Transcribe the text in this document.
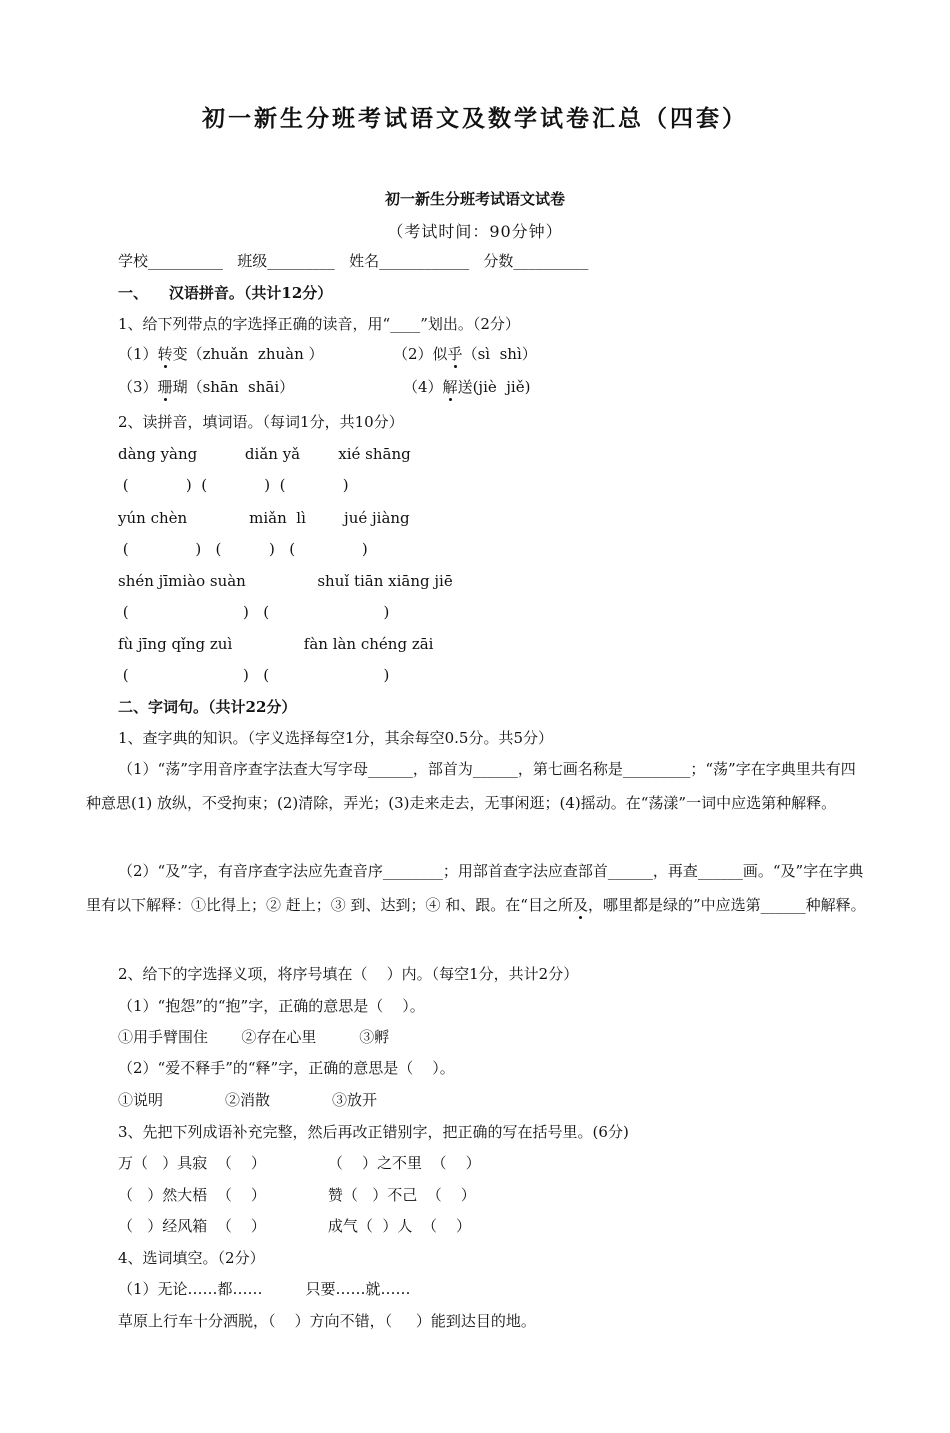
初一新生分班考试语文及数学试卷汇总（四套）
初一新生分班考试语文试卷
（考试时间：90分钟）
学校__________   班级_________   姓名____________   分数__________
一、    汉语拼音。（共计12分）
1、给下列带点的字选择正确的读音，用“____”划出。（2分）
（1）转变（zhuǎn  zhuàn ）	（2）似乎（sì  shì）
（3）珊瑚（shān  shāi）	（4）解送(jiè  jiě)
2、读拼音，填词语。（每词1分，共10分）
dàng yàng          diǎn yǎ        xié shāng
(            )  (            )  (            )
yún chèn             miǎn  lì        jué jiàng
(              )   (          )   (              )
shén jīmiào suàn               shuǐ tiān xiāng jiē
(                        )   (                        )
fù jīng qǐng zuì               fàn làn chéng zāi
(                        )   (                        )
二、字词句。（共计22分）
1、查字典的知识。（字义选择每空1分，其余每空0.5分。共5分）
（1）“荡”字用音序查字法查大写字母______，部首为______，第七画名称是_________；“荡”字在字典里共有四种意思(1) 放纵，不受拘束；(2)清除，弄光；(3)走来走去，无事闲逛；(4)摇动。在“荡漾”一词中应选第种解释。
（2）“及”字，有音序查字法应先查音序________；用部首查字法应查部首______，再查______画。“及”字在字典里有以下解释：①比得上；② 赶上；③ 到、达到；④ 和、跟。在“目之所及，哪里都是绿的”中应选第______种解释。
2、给下的字选择义项，将序号填在（    ）内。（每空1分，共计2分）
（1）“抱怨”的“抱”字，正确的意思是（    ）。
①用手臂围住       ②存在心里         ③孵
（2）“爱不释手”的“释”字，正确的意思是（    ）。
①说明             ②消散             ③放开
3、先把下列成语补充完整，然后再改正错别字，把正确的写在括号里。(6分)
万（   ）具寂  （    ）             （    ）之不里  （    ）
（   ）然大梧  （    ）             赞（   ）不己  （    ）
（   ）经风箱  （    ）             成气（  ）人  （    ）
4、选词填空。（2分）
（1）无论……都……         只要……就……
草原上行车十分洒脱，（    ）方向不错，（     ）能到达目的地。
